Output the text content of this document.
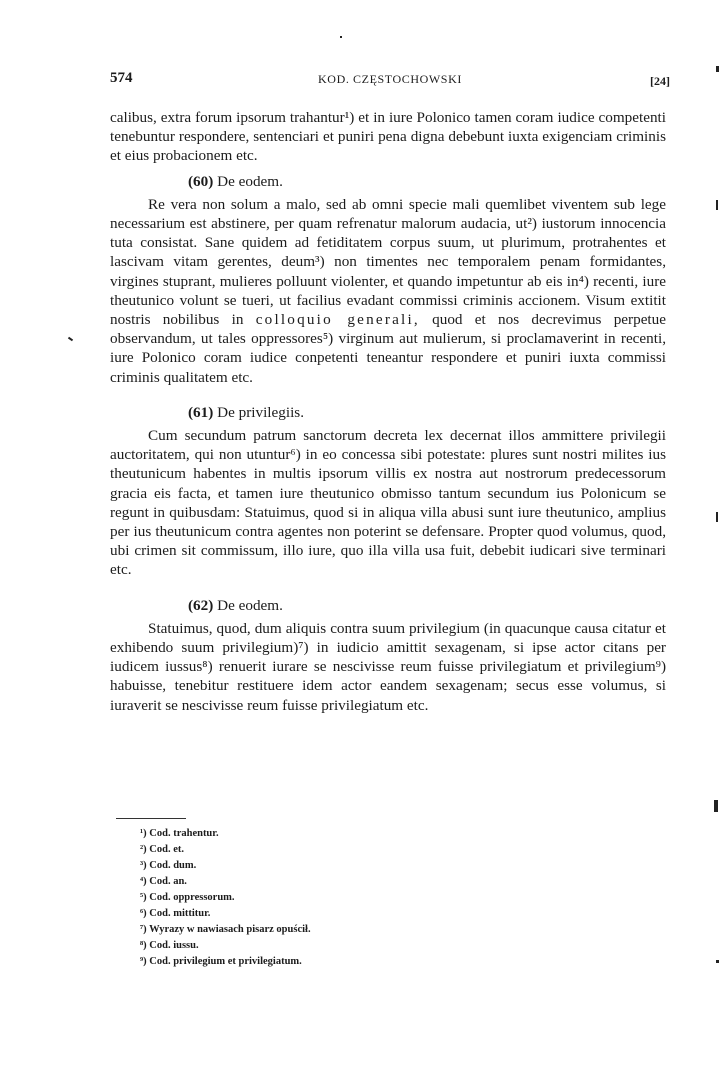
574	KOD. CZĘSTOCHOWSKI	[24]

calibus, extra forum ipsorum trahantur¹) et in iure Polonico tamen coram iudice competenti tenebuntur respondere, sentenciari et puniri pena digna debebunt iuxta exigenciam criminis et eius probacionem etc.

(60) De eodem.

Re vera non solum a malo, sed ab omni specie mali quemlibet viventem sub lege necessarium est abstinere, per quam refrenatur malorum audacia, ut²) iustorum innocencia tuta consistat. Sane quidem ad fetiditatem corpus suum, ut plurimum, protrahentes et lascivam vitam gerentes, deum³) non timentes nec temporalem penam formidantes, virgines stuprant, mulieres polluunt violenter, et quando impetuntur ab eis in⁴) recenti, iure theutunico volunt se tueri, ut facilius evadant commissi criminis accionem. Visum extitit nostris nobilibus in colloquio generali, quod et nos decrevimus perpetue observandum, ut tales oppressores⁵) virginum aut mulierum, si proclamaverint in recenti, iure Polonico coram iudice conpetenti teneantur respondere et puniri iuxta commissi criminis qualitatem etc.

(61) De privilegiis.

Cum secundum patrum sanctorum decreta lex decernat illos ammittere privilegii auctoritatem, qui non utuntur⁶) in eo concessa sibi potestate: plures sunt nostri milites ius theutunicum habentes in multis ipsorum villis ex nostra aut nostrorum predecessorum gracia eis facta, et tamen iure theutunico obmisso tantum secundum ius Polonicum se regunt in quibusdam: Statuimus, quod si in aliqua villa abusi sunt iure theutunico, amplius per ius theutunicum contra agentes non poterint se defensare. Propter quod volumus, quod, ubi crimen sit commissum, illo iure, quo illa villa usa fuit, debebit iudicari sive terminari etc.

(62) De eodem.

Statuimus, quod, dum aliquis contra suum privilegium (in quacunque causa citatur et exhibendo suum privilegium)⁷) in iudicio amittit sexagenam, si ipse actor citans per iudicem iussus⁸) renuerit iurare se nescivisse reum fuisse privilegiatum et privilegium⁹) habuisse, tenebitur restituere idem actor eandem sexagenam; secus esse volumus, si iuraverit se nescivisse reum fuisse privilegiatum etc.

¹) Cod. trahentur.
²) Cod. et.
³) Cod. dum.
⁴) Cod. an.
⁵) Cod. oppressorum.
⁶) Cod. mittitur.
⁷) Wyrazy w nawiasach pisarz opuścił.
⁸) Cod. iussu.
⁹) Cod. privilegium et privilegiatum.
